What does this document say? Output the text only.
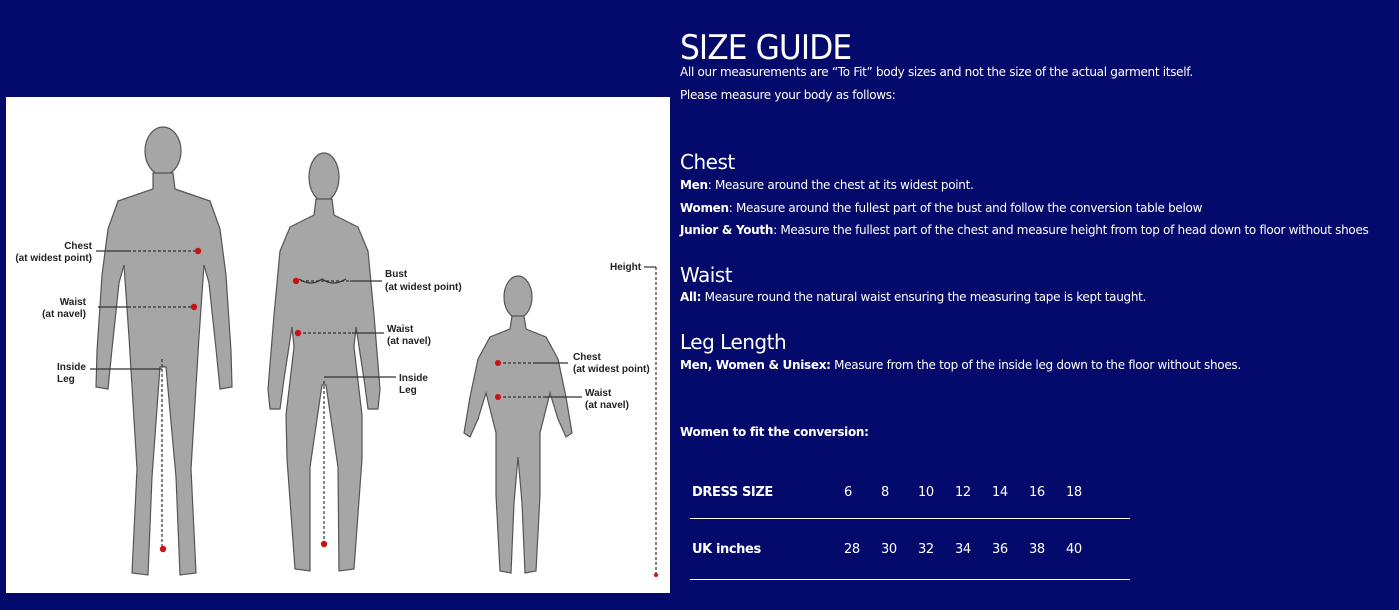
Chest
(at widest point)
Waist
(at navel)
Inside
Leg
Bust
(at widest point)
Waist
(at navel)
Inside
Leg
Height
Chest
(at widest point)
Waist
(at navel)
SIZE GUIDE
All our measurements are “To Fit” body sizes and not the size of the actual garment itself.
Please measure your body as follows:
Chest
Men: Measure around the chest at its widest point.
Women: Measure around the fullest part of the bust and follow the conversion table below
Junior & Youth: Measure the fullest part of the chest and measure height from top of head down to floor without shoes
Waist
All: Measure round the natural waist ensuring the measuring tape is kept taught.
Leg Length
Men, Women & Unisex: Measure from the top of the inside leg down to the floor without shoes.
Women to fit the conversion:
DRESS SIZE	6	8	10	12	14	16	18	
UK inches	28	30	32	34	36	38	40	
